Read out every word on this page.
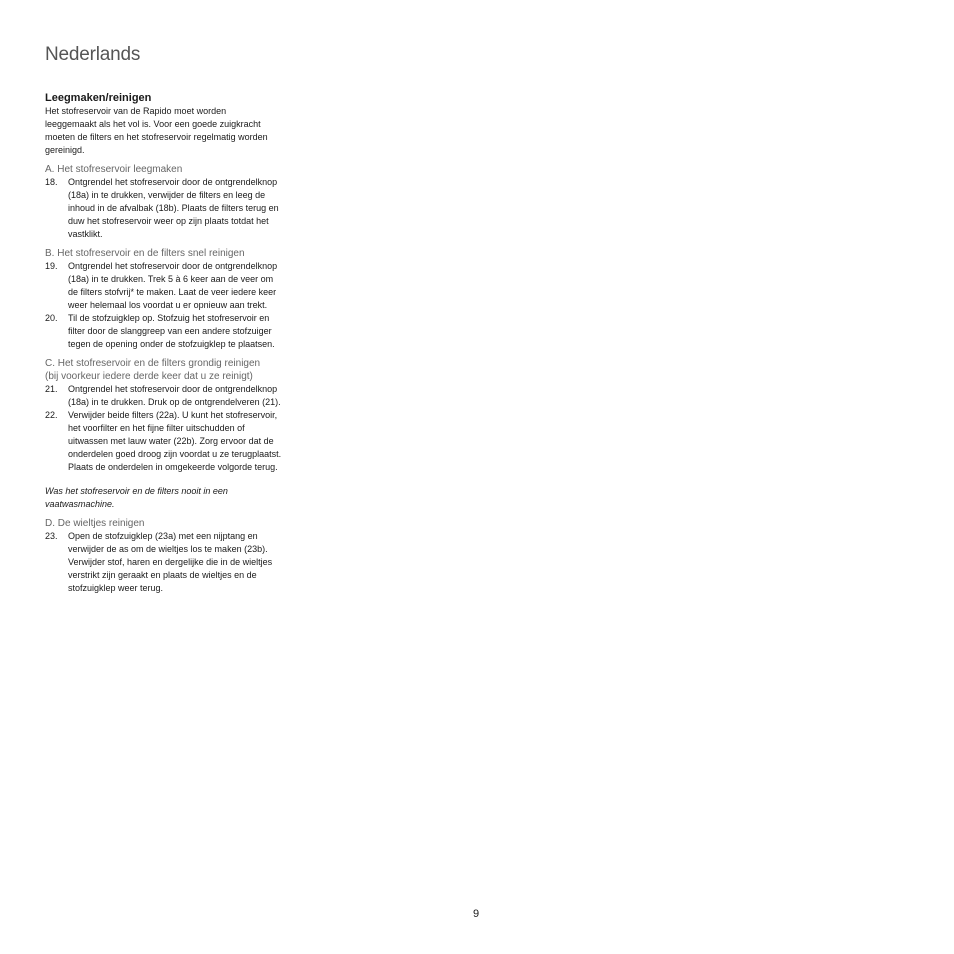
Nederlands
Leegmaken/reinigen
Het stofreservoir van de Rapido moet worden
leeggemaakt als het vol is. Voor een goede zuigkracht
moeten de filters en het stofreservoir regelmatig worden
gereinigd.
A. Het stofreservoir leegmaken
18.	Ontgrendel het stofreservoir door de ontgrendelknop
(18a) in te drukken, verwijder de filters en leeg de
inhoud in de afvalbak (18b). Plaats de filters terug en
duw het stofreservoir weer op zijn plaats totdat het
vastklikt.
B. Het stofreservoir en de filters snel reinigen
19.	Ontgrendel het stofreservoir door de ontgrendelknop
(18a) in te drukken. Trek 5 à 6 keer aan de veer om
de filters stofvrij* te maken. Laat de veer iedere keer
weer helemaal los voordat u er opnieuw aan trekt.
20.	Til de stofzuigklep op. Stofzuig het stofreservoir en
filter door de slanggreep van een andere stofzuiger
tegen de opening onder de stofzuigklep te plaatsen.
C. Het stofreservoir en de filters grondig reinigen
(bij voorkeur iedere derde keer dat u ze reinigt)
21.	Ontgrendel het stofreservoir door de ontgrendelknop
(18a) in te drukken. Druk op de ontgrendelveren (21).
22.	Verwijder beide filters (22a). U kunt het stofreservoir,
het voorfilter en het fijne filter uitschudden of
uitwassen met lauw water (22b). Zorg ervoor dat de
onderdelen goed droog zijn voordat u ze terugplaatst.
Plaats de onderdelen in omgekeerde volgorde terug.
Was het stofreservoir en de filters nooit in een
vaatwasmachine.
D. De wieltjes reinigen
23.	Open de stofzuigklep (23a) met een nijptang en
verwijder de as om de wieltjes los te maken (23b).
Verwijder stof, haren en dergelijke die in de wieltjes
verstrikt zijn geraakt en plaats de wieltjes en de
stofzuigklep weer terug.
9
